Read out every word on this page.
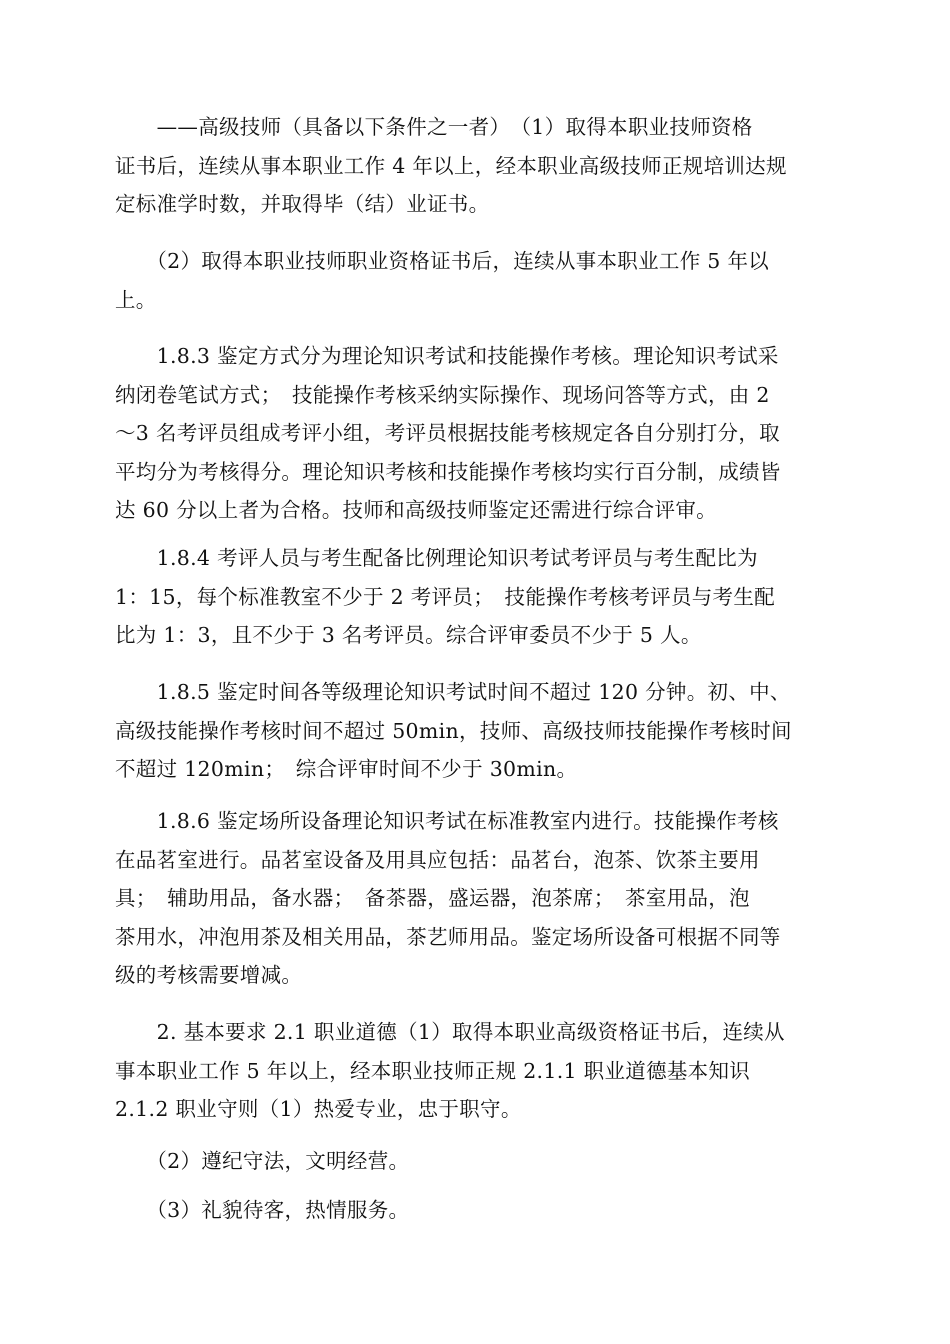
　　——高级技师（具备以下条件之一者）　（1）取得本职业技师资格
证书后，连续从事本职业工作 4 年以上，经本职业高级技师正规培训达规
定标准学时数，并取得毕（结）业证书。

　　（2）取得本职业技师职业资格证书后，连续从事本职业工作 5 年以
上。

　　1.8.3 鉴定方式分为理论知识考试和技能操作考核。理论知识考试采
纳闭卷笔试方式；　技能操作考核采纳实际操作、现场问答等方式，由 2
～3 名考评员组成考评小组，考评员根据技能考核规定各自分别打分，取
平均分为考核得分。理论知识考核和技能操作考核均实行百分制，成绩皆
达 60 分以上者为合格。技师和高级技师鉴定还需进行综合评审。

　　1.8.4 考评人员与考生配备比例理论知识考试考评员与考生配比为
1：15，每个标准教室不少于 2 考评员；　技能操作考核考评员与考生配
比为 1：3，且不少于 3 名考评员。综合评审委员不少于 5 人。

　　1.8.5 鉴定时间各等级理论知识考试时间不超过 120 分钟。初、中、
高级技能操作考核时间不超过 50min，技师、高级技师技能操作考核时间
不超过 120min；　综合评审时间不少于 30min。

　　1.8.6 鉴定场所设备理论知识考试在标准教室内进行。技能操作考核
在品茗室进行。品茗室设备及用具应包括：品茗台，泡茶、饮茶主要用
具；　辅助用品，备水器；　备茶器，盛运器，泡茶席；　茶室用品，泡
茶用水，冲泡用茶及相关用品，茶艺师用品。鉴定场所设备可根据不同等
级的考核需要增减。

　　2. 基本要求 2.1 职业道德（1）取得本职业高级资格证书后，连续从
事本职业工作 5 年以上，经本职业技师正规 2.1.1 职业道德基本知识
2.1.2 职业守则（1）热爱专业，忠于职守。

　　（2）遵纪守法，文明经营。

　　（3）礼貌待客，热情服务。
